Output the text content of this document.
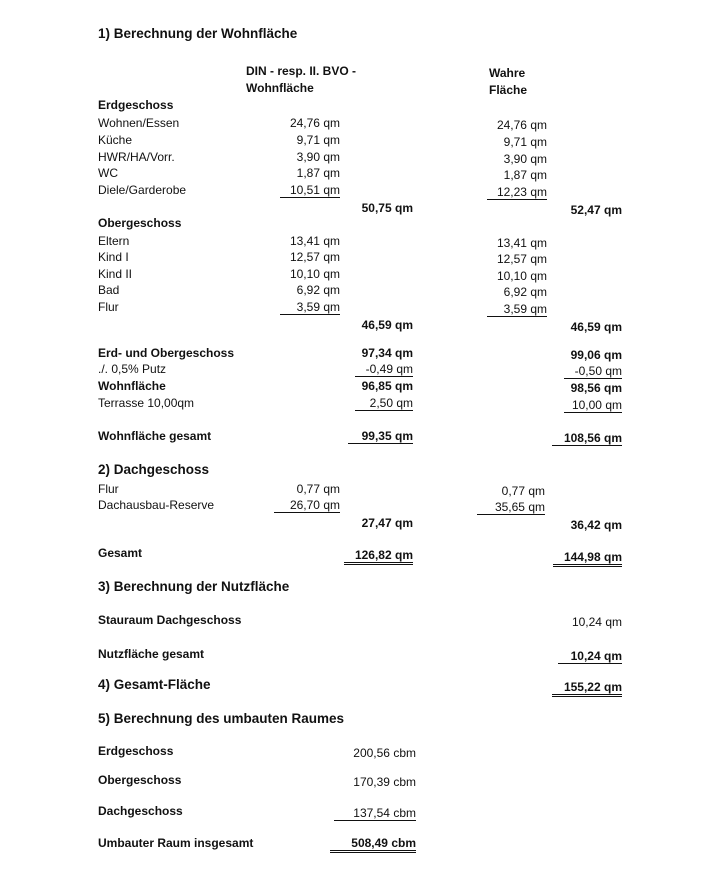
1) Berechnung der Wohnfläche
DIN - resp. II. BVO -
Wohnfläche
Wahre
Fläche
Erdgeschoss
Wohnen/Essen	24,76 qm	24,76 qm
Küche	9,71 qm	9,71 qm
HWR/HA/Vorr.	3,90 qm	3,90 qm
WC	1,87 qm	1,87 qm
Diele/Garderobe	10,51 qm	12,23 qm
50,75 qm	52,47 qm
Obergeschoss
Eltern	13,41 qm	13,41 qm
Kind I	12,57 qm	12,57 qm
Kind II	10,10 qm	10,10 qm
Bad	6,92 qm	6,92 qm
Flur	3,59 qm	3,59 qm
46,59 qm	46,59 qm
Erd- und Obergeschoss	97,34 qm	99,06 qm
./. 0,5% Putz	-0,49 qm	-0,50 qm
Wohnfläche	96,85 qm	98,56 qm
Terrasse 10,00qm	2,50 qm	10,00 qm
Wohnfläche gesamt	99,35 qm	108,56 qm
2) Dachgeschoss
Flur	0,77 qm	0,77 qm
Dachausbau-Reserve	26,70 qm	35,65 qm
27,47 qm	36,42 qm
Gesamt	126,82 qm	144,98 qm
3) Berechnung der Nutzfläche
Stauraum Dachgeschoss	10,24 qm
Nutzfläche gesamt	10,24 qm
4) Gesamt-Fläche	155,22 qm
5) Berechnung des umbauten Raumes
Erdgeschoss	200,56 cbm
Obergeschoss	170,39 cbm
Dachgeschoss	137,54 cbm
Umbauter Raum insgesamt	508,49 cbm
